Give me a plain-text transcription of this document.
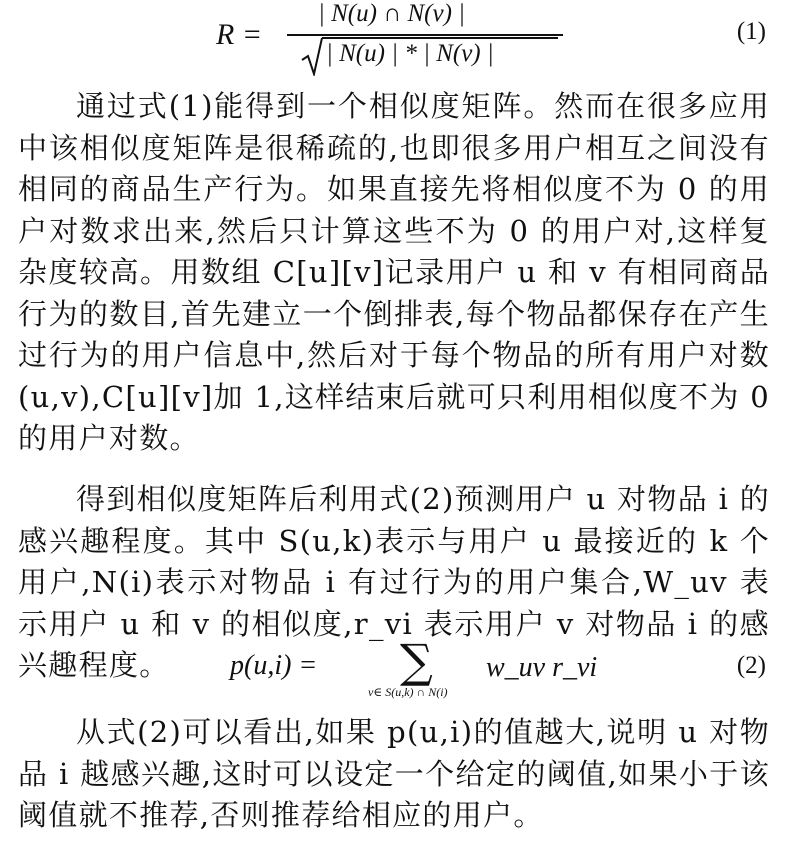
R =
| N(u) ∩ N(v) |
| N(u) | * | N(v) |
(1)
通过式(1)能得到一个相似度矩阵。然而在很多应用中该相似度矩阵是很稀疏的,也即很多用户相互之间没有相同的商品生产行为。如果直接先将相似度不为 0 的用户对数求出来,然后只计算这些不为 0 的用户对,这样复杂度较高。用数组 C[u][v]记录用户 u 和 v 有相同商品行为的数目,首先建立一个倒排表,每个物品都保存在产生过行为的用户信息中,然后对于每个物品的所有用户对数(u,v),C[u][v]加 1,这样结束后就可只利用相似度不为 0 的用户对数。
得到相似度矩阵后利用式(2)预测用户 u 对物品 i 的感兴趣程度。其中 S(u,k)表示与用户 u 最接近的 k 个用户,N(i)表示对物品 i 有过行为的用户集合,W_uv 表示用户 u 和 v 的相似度,r_vi 表示用户 v 对物品 i 的感兴趣程度。	p(u,i) = ∑
v∈ S(u,k) ∩ N(i)
w_uv r_vi	(2)
从式(2)可以看出,如果 p(u,i)的值越大,说明 u 对物品 i 越感兴趣,这时可以设定一个给定的阈值,如果小于该阈值就不推荐,否则推荐给相应的用户。
